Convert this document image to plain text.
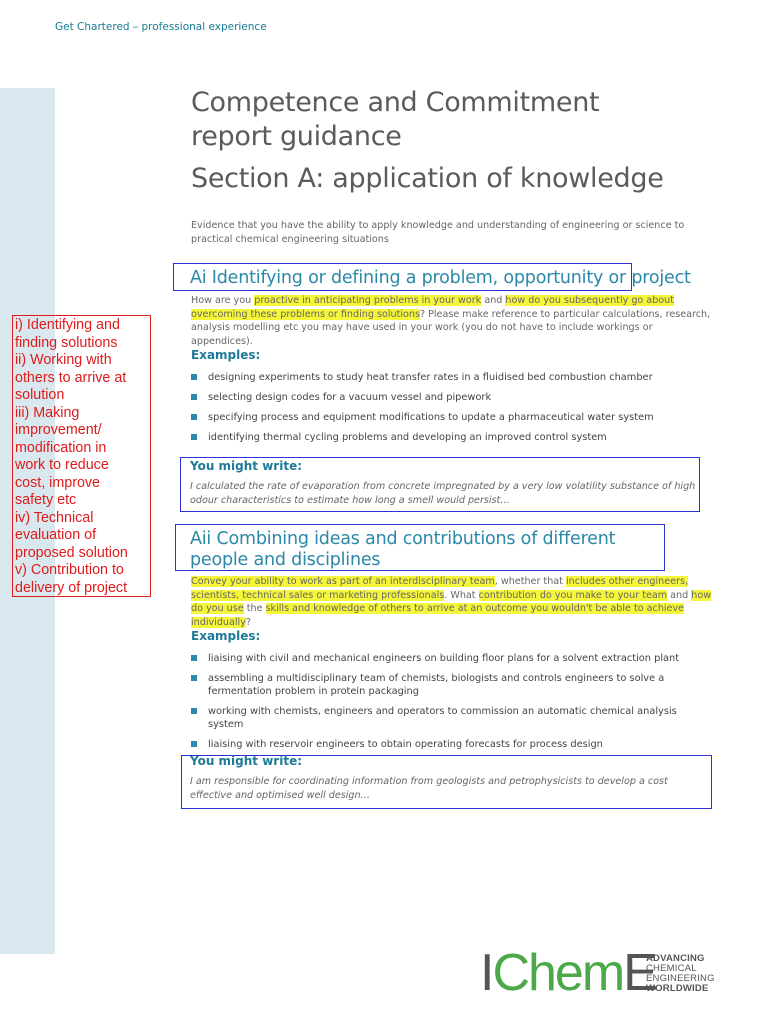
Get Chartered – professional experience
Competence and Commitment
report guidance
Section A: application of knowledge
Evidence that you have the ability to apply knowledge and understanding of engineering or science to practical chemical engineering situations
Ai Identifying or defining a problem, opportunity or project
How are you proactive in anticipating problems in your work and how do you subsequently go about overcoming these problems or finding solutions? Please make reference to particular calculations, research, analysis modelling etc you may have used in your work (you do not have to include workings or appendices).
Examples:
designing experiments to study heat transfer rates in a fluidised bed combustion chamber
selecting design codes for a vacuum vessel and pipework
specifying process and equipment modifications to update a pharmaceutical water system
identifying thermal cycling problems and developing an improved control system
You might write:
I calculated the rate of evaporation from concrete impregnated by a very low volatility substance of high odour characteristics to estimate how long a smell would persist…
Aii Combining ideas and contributions of different people and disciplines
Convey your ability to work as part of an interdisciplinary team, whether that includes other engineers, scientists, technical sales or marketing professionals. What contribution do you make to your team and how do you use the skills and knowledge of others to arrive at an outcome you wouldn't be able to achieve individually?
Examples:
liaising with civil and mechanical engineers on building floor plans for a solvent extraction plant
assembling a multidisciplinary team of chemists, biologists and controls engineers to solve a fermentation problem in protein packaging
working with chemists, engineers and operators to commission an automatic chemical analysis system
liaising with reservoir engineers to obtain operating forecasts for process design
You might write:
I am responsible for coordinating information from geologists and petrophysicists to develop a cost effective and optimised well design…
i) Identifying and
finding solutions
ii) Working with
others to arrive at
solution
iii) Making
improvement/
modification in
work to reduce
cost, improve
safety etc
iv) Technical
evaluation of
proposed solution
v) Contribution to
delivery of project
IChemE
ADVANCING
CHEMICAL
ENGINEERING
WORLDWIDE
